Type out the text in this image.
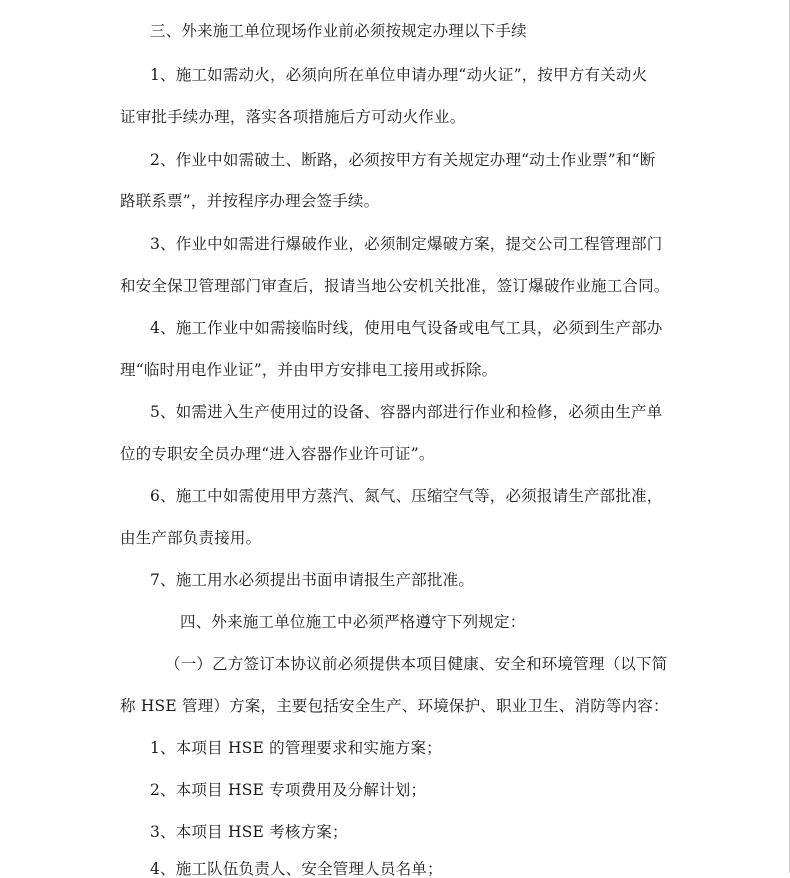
三、外来施工单位现场作业前必须按规定办理以下手续
1、施工如需动火，必须向所在单位申请办理“动火证”，按甲方有关动火
证审批手续办理，落实各项措施后方可动火作业。
2、作业中如需破土、断路，必须按甲方有关规定办理“动土作业票”和“断
路联系票”，并按程序办理会签手续。
3、作业中如需进行爆破作业，必须制定爆破方案，提交公司工程管理部门
和安全保卫管理部门审查后，报请当地公安机关批准，签订爆破作业施工合同。
4、施工作业中如需接临时线，使用电气设备或电气工具，必须到生产部办
理“临时用电作业证”，并由甲方安排电工接用或拆除。
5、如需进入生产使用过的设备、容器内部进行作业和检修，必须由生产单
位的专职安全员办理“进入容器作业许可证”。
6、施工中如需使用甲方蒸汽、氮气、压缩空气等，必须报请生产部批准，
由生产部负责接用。
7、施工用水必须提出书面申请报生产部批准。
四、外来施工单位施工中必须严格遵守下列规定：
（一）乙方签订本协议前必须提供本项目健康、安全和环境管理（以下简
称 HSE 管理）方案，主要包括安全生产、环境保护、职业卫生、消防等内容：
1、本项目 HSE 的管理要求和实施方案；
2、本项目 HSE 专项费用及分解计划；
3、本项目 HSE 考核方案；
4、施工队伍负责人、安全管理人员名单；
